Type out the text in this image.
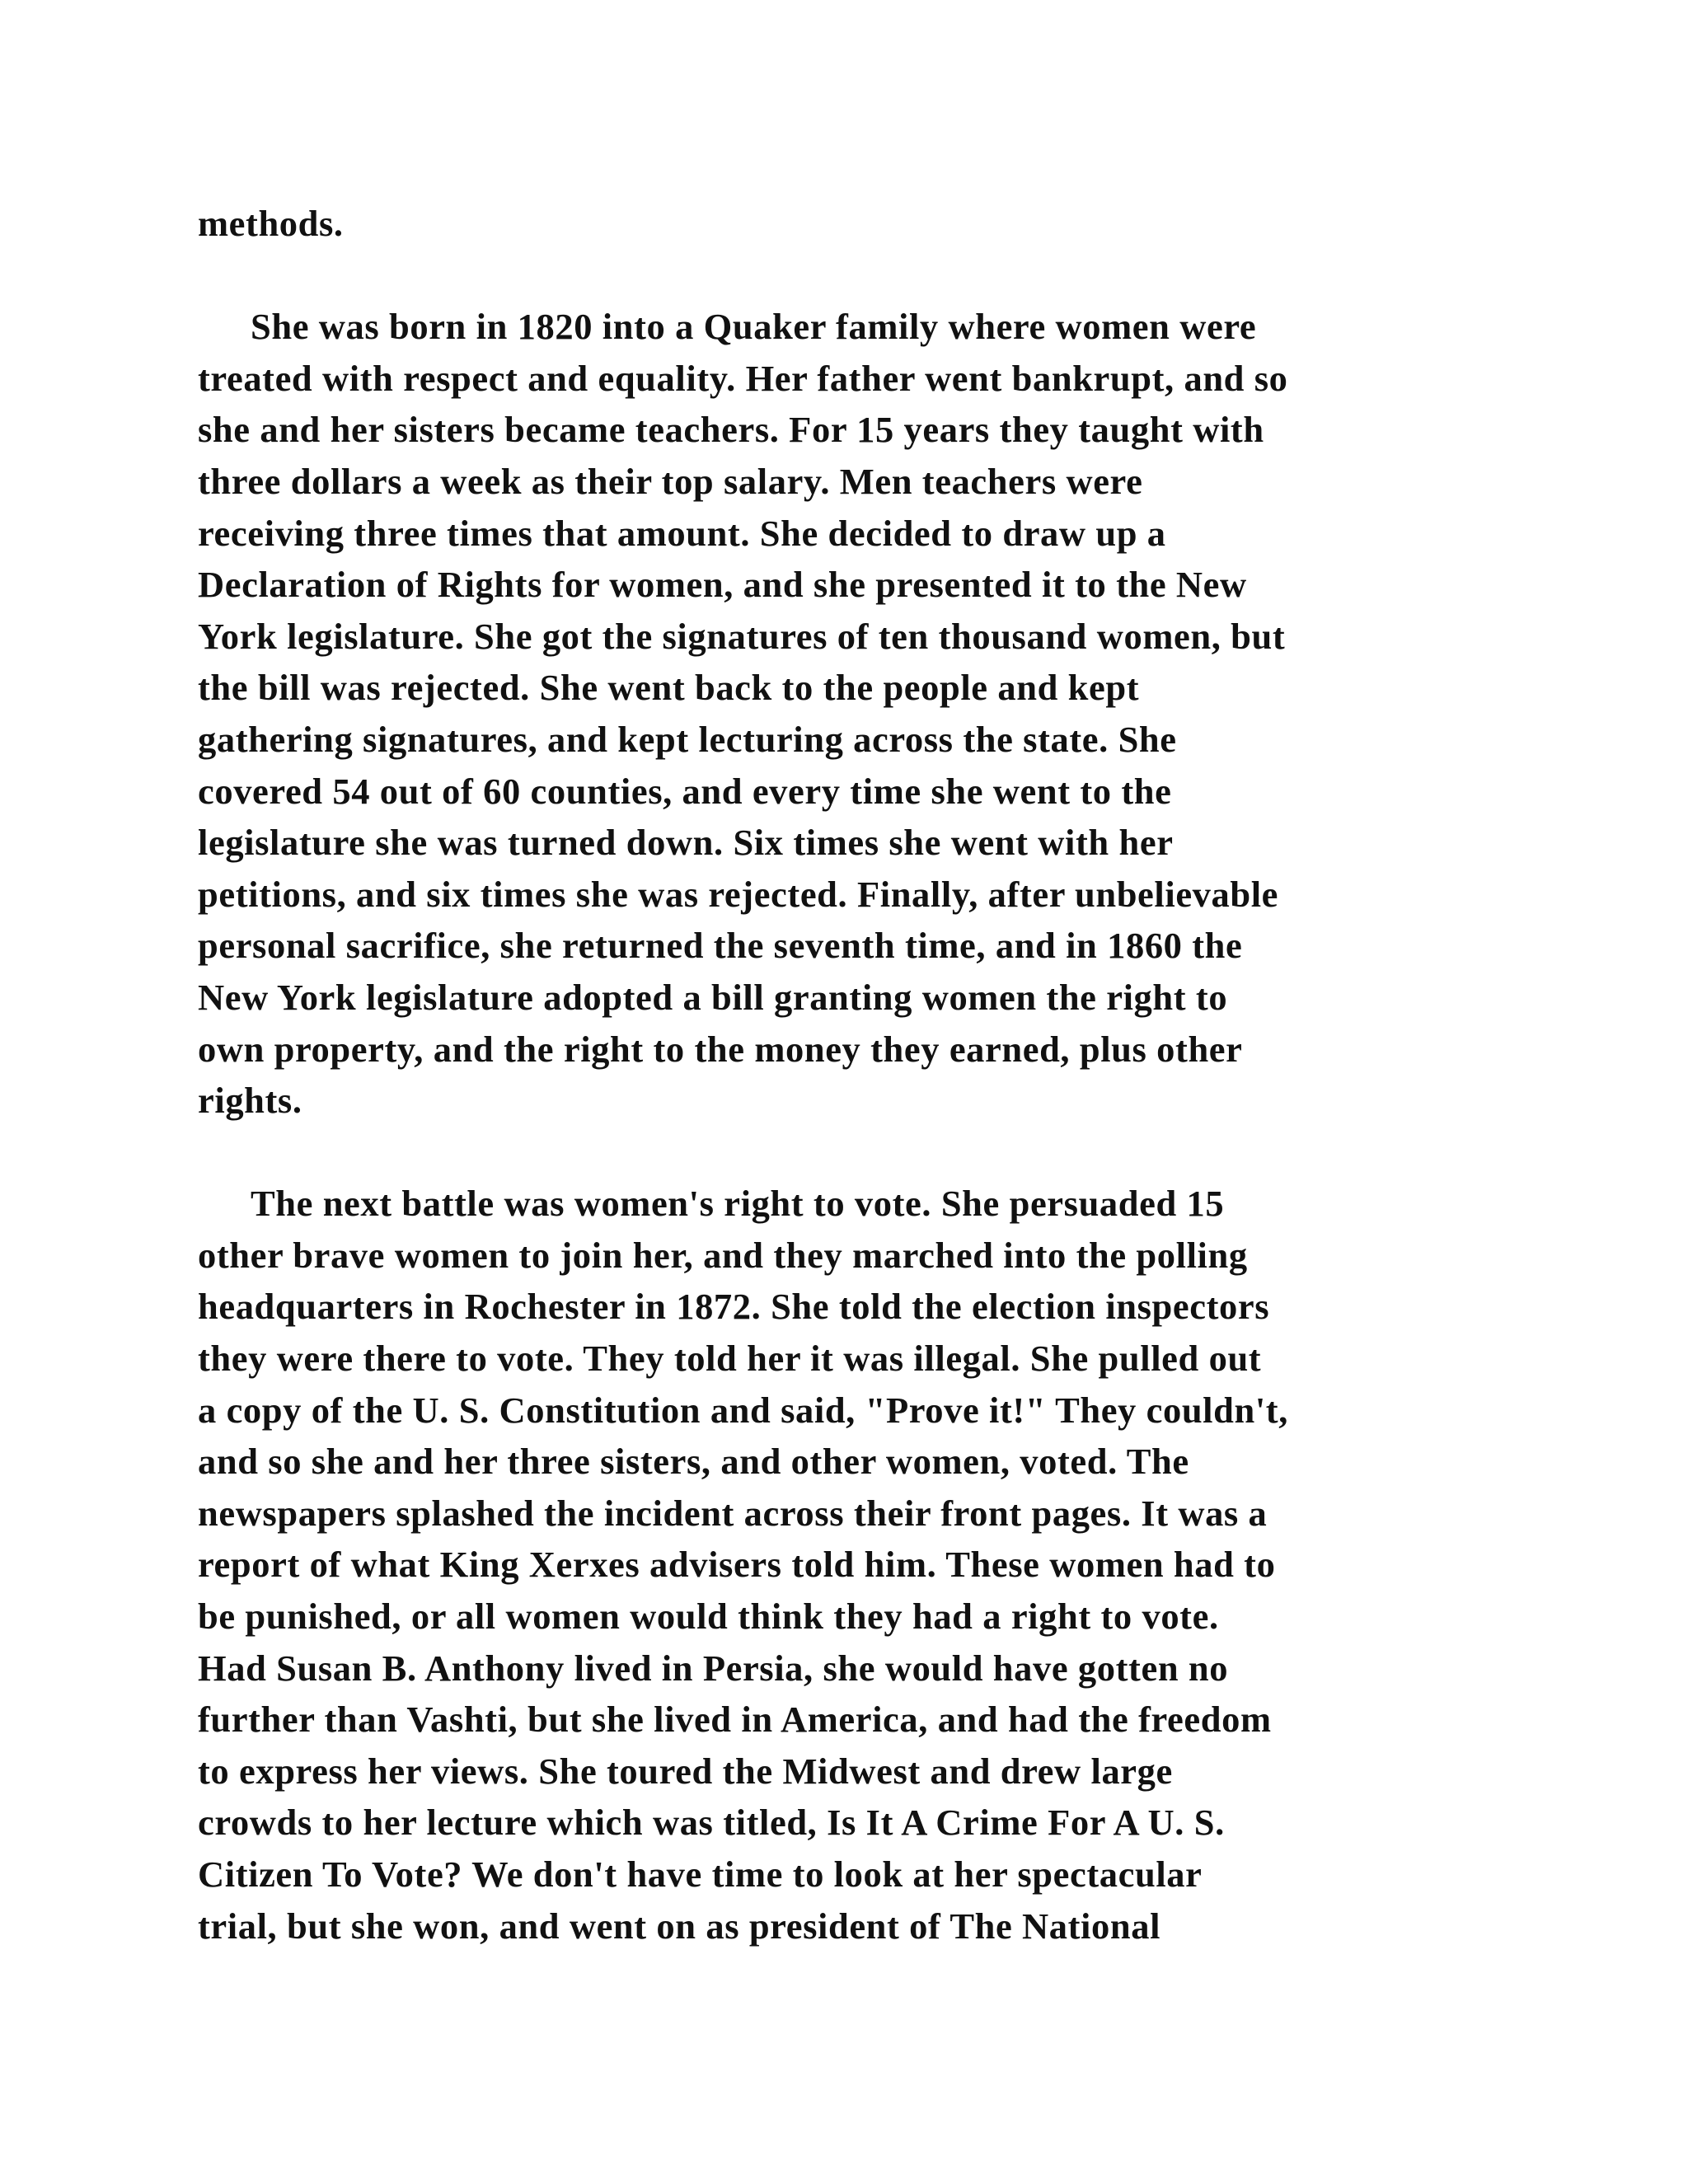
methods.
She was born in 1820 into a Quaker family where women were
treated with respect and equality. Her father went bankrupt, and so
she and her sisters became teachers. For 15 years they taught with
three dollars a week as their top salary. Men teachers were
receiving three times that amount. She decided to draw up a
Declaration of Rights for women, and she presented it to the New
York legislature. She got the signatures of ten thousand women, but
the bill was rejected. She went back to the people and kept
gathering signatures, and kept lecturing across the state. She
covered 54 out of 60 counties, and every time she went to the
legislature she was turned down. Six times she went with her
petitions, and six times she was rejected. Finally, after unbelievable
personal sacrifice, she returned the seventh time, and in 1860 the
New York legislature adopted a bill granting women the right to
own property, and the right to the money they earned, plus other
rights.
The next battle was women's right to vote. She persuaded 15
other brave women to join her, and they marched into the polling
headquarters in Rochester in 1872. She told the election inspectors
they were there to vote. They told her it was illegal. She pulled out
a copy of the U. S. Constitution and said, "Prove it!" They couldn't,
and so she and her three sisters, and other women, voted. The
newspapers splashed the incident across their front pages. It was a
report of what King Xerxes advisers told him. These women had to
be punished, or all women would think they had a right to vote.
Had Susan B. Anthony lived in Persia, she would have gotten no
further than Vashti, but she lived in America, and had the freedom
to express her views. She toured the Midwest and drew large
crowds to her lecture which was titled, Is It A Crime For A U. S.
Citizen To Vote? We don't have time to look at her spectacular
trial, but she won, and went on as president of The National
